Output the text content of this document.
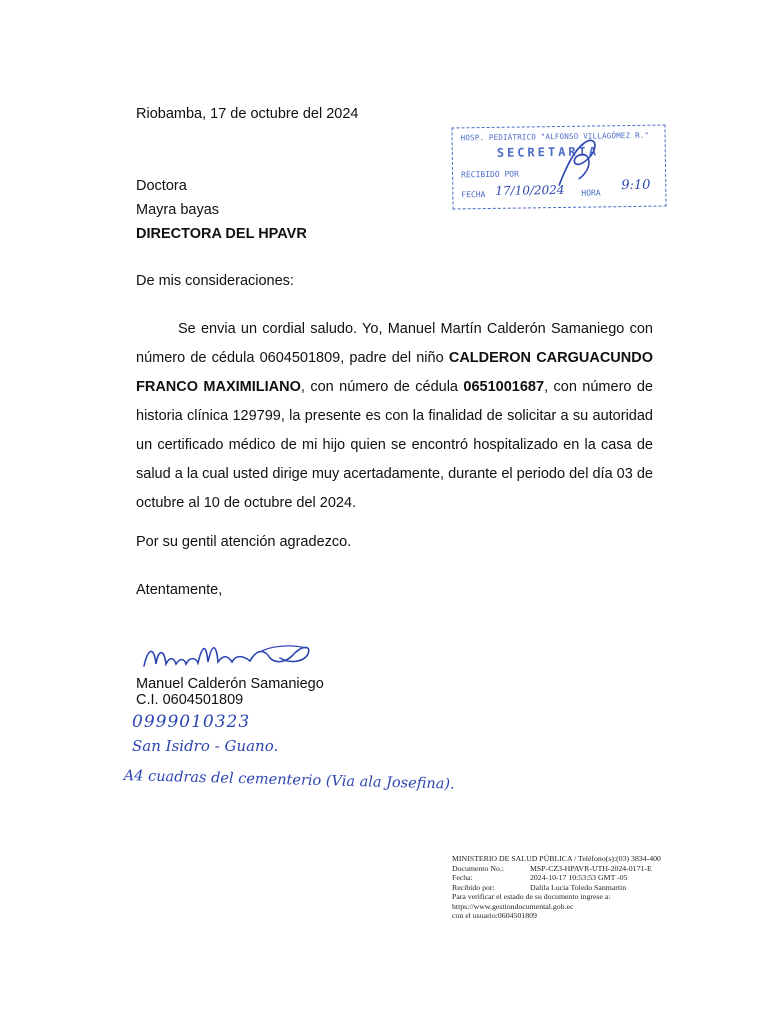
Riobamba, 17 de octubre del 2024
Doctora
Mayra bayas
DIRECTORA DEL HPAVR
De mis consideraciones:
Se envia un cordial saludo. Yo, Manuel Martín Calderón Samaniego con número de cédula 0604501809, padre del niño CALDERON CARGUACUNDO FRANCO MAXIMILIANO, con número de cédula 0651001687, con número de historia clínica 129799, la presente es con la finalidad de solicitar a su autoridad un certificado médico de mi hijo quien se encontró hospitalizado en la casa de salud a la cual usted dirige muy acertadamente, durante el periodo del día 03 de octubre al 10 de octubre del 2024.
Por su gentil atención agradezco.
Atentamente,
Manuel Calderón Samaniego
C.I. 0604501809
0999010323
San Isidro - Guano.
A4 cuadras del cementerio (Via ala Josefina).
HOSP. PEDIÁTRICO "ALFONSO VILLAGÓMEZ R."
SECRETARÍA
RECIBIDO POR
FECHA 17/10/2024 HORA 9:10
MINISTERIO DE SALUD PÚBLICA / Teléfono(s):(03) 3834-400
Documento No.:	MSP-CZ3-HPAVR-UTH-2024-0171-E
Fecha:	2024-10-17 10:53:53 GMT -05
Recibido por:	Dalila Lucia Toledo Sanmartin
Para verificar el estado de su documento ingrese a:
https://www.gestiondocumental.gob.ec
con el usuario:0604501809
